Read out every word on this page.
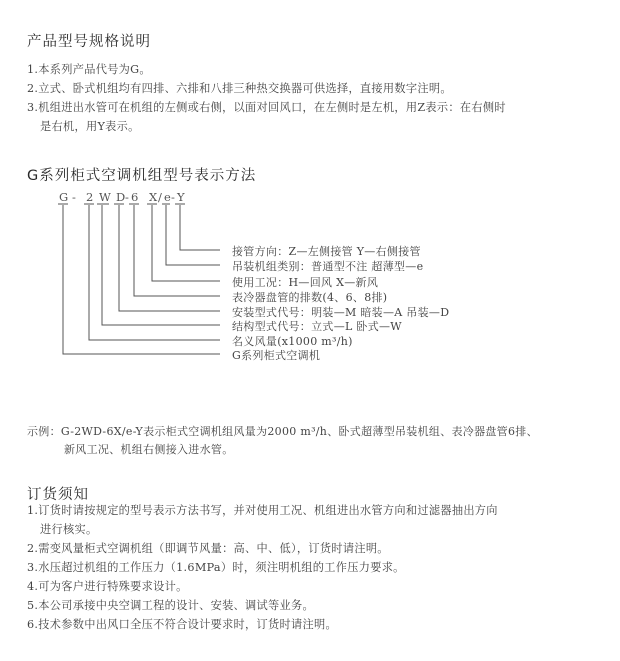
产品型号规格说明
1.本系列产品代号为G。
2.立式、卧式机组均有四排、六排和八排三种热交换器可供选择，直接用数字注明。
3.机组进出水管可在机组的左侧或右侧，以面对回风口，在左侧时是左机，用Z表示：在右侧时
是右机，用Y表示。
G系列柜式空调机组型号表示方法
G - 2 W D - 6 X / e - Y
接管方向：Z—左侧接管 Y—右侧接管
吊装机组类别：普通型不注 超薄型—e
使用工况：H—回风 X—新风
表冷器盘管的排数(4、6、8排)
安装型式代号：明装—M 暗装—A 吊装—D
结构型式代号：立式—L 卧式—W
名义风量(x1000 m³/h)
G系列柜式空调机
示例：G-2WD-6X/e-Y表示柜式空调机组风量为2000 m³/h、卧式超薄型吊装机组、表冷器盘管6排、
新风工况、机组右侧接入进水管。
订货须知
1.订货时请按规定的型号表示方法书写，并对使用工况、机组进出水管方向和过滤器抽出方向
进行核实。
2.需变风量柜式空调机组（即调节风量：高、中、低），订货时请注明。
3.水压超过机组的工作压力（1.6MPa）时，须注明机组的工作压力要求。
4.可为客户进行特殊要求设计。
5.本公司承接中央空调工程的设计、安装、调试等业务。
6.技术参数中出风口全压不符合设计要求时，订货时请注明。
